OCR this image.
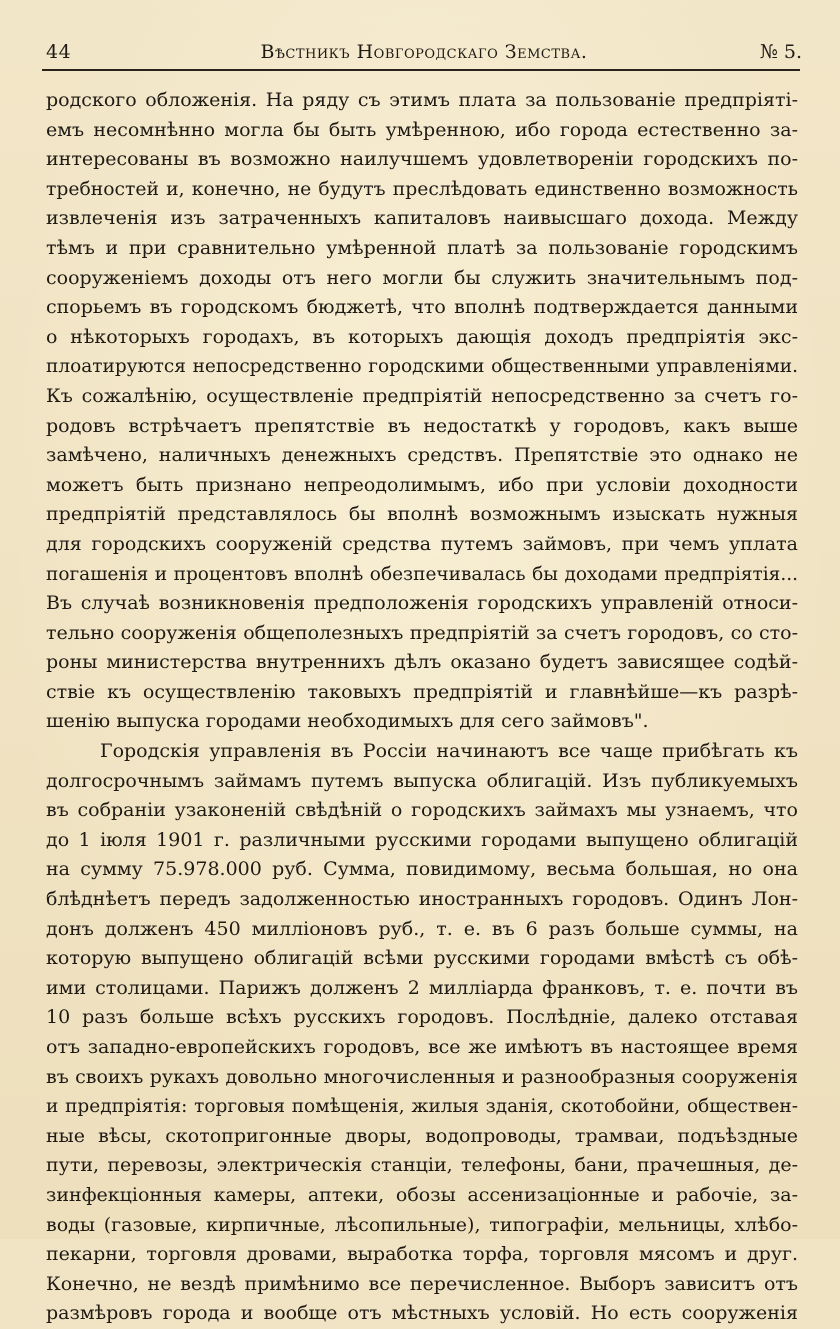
44	Вѣстникъ Новгородскаго Земства.	№ 5.
родского обложенія. На ряду съ этимъ плата за пользованіе предпріяті-
емъ несомнѣнно могла бы быть умѣренною, ибо города естественно за-
интересованы въ возможно наилучшемъ удовлетвореніи городскихъ по-
требностей и, конечно, не будутъ преслѣдовать единственно возможность
извлеченія изъ затраченныхъ капиталовъ наивысшаго дохода. Между
тѣмъ и при сравнительно умѣренной платѣ за пользованіе городскимъ
сооруженіемъ доходы отъ него могли бы служить значительнымъ под-
спорьемъ въ городскомъ бюджетѣ, что вполнѣ подтверждается данными
о нѣкоторыхъ городахъ, въ которыхъ дающія доходъ предпріятія экс-
плоатируются непосредственно городскими общественными управленіями.
Къ сожалѣнію, осуществленіе предпріятій непосредственно за счетъ го-
родовъ встрѣчаетъ препятствіе въ недостаткѣ у городовъ, какъ выше
замѣчено, наличныхъ денежныхъ средствъ. Препятствіе это однако не
можетъ быть признано непреодолимымъ, ибо при условіи доходности
предпріятій представлялось бы вполнѣ возможнымъ изыскать нужныя
для городскихъ сооруженій средства путемъ займовъ, при чемъ уплата
погашенія и процентовъ вполнѣ обезпечивалась бы доходами предпріятія...
Въ случаѣ возникновенія предположенія городскихъ управленій относи-
тельно сооруженія общеполезныхъ предпріятій за счетъ городовъ, со сто-
роны министерства внутреннихъ дѣлъ оказано будетъ зависящее содѣй-
ствіе къ осуществленію таковыхъ предпріятій и главнѣйше—къ разрѣ-
шенію выпуска городами необходимыхъ для сего займовъ".
Городскія управленія въ Россіи начинаютъ все чаще прибѣгать къ
долгосрочнымъ займамъ путемъ выпуска облигацій. Изъ публикуемыхъ
въ собраніи узаконеній свѣдѣній о городскихъ займахъ мы узнаемъ, что
до 1 іюля 1901 г. различными русскими городами выпущено облигацій
на сумму 75.978.000 руб. Сумма, повидимому, весьма большая, но она
блѣднѣетъ передъ задолженностью иностранныхъ городовъ. Одинъ Лон-
донъ долженъ 450 милліоновъ руб., т. е. въ 6 разъ больше суммы, на
которую выпущено облигацій всѣми русскими городами вмѣстѣ съ обѣ-
ими столицами. Парижъ долженъ 2 милліарда франковъ, т. е. почти въ
10 разъ больше всѣхъ русскихъ городовъ. Послѣдніе, далеко отставая
отъ западно-европейскихъ городовъ, все же имѣютъ въ настоящее время
въ своихъ рукахъ довольно многочисленныя и разнообразныя сооруженія
и предпріятія: торговыя помѣщенія, жилыя зданія, скотобойни, обществен-
ные вѣсы, скотопригонные дворы, водопроводы, трамваи, подъѣздные
пути, перевозы, электрическія станціи, телефоны, бани, прачешныя, де-
зинфекціонныя камеры, аптеки, обозы ассенизаціонные и рабочіе, за-
воды (газовые, кирпичные, лѣсопильные), типографіи, мельницы, хлѣбо-
пекарни, торговля дровами, выработка торфа, торговля мясомъ и друг.
Конечно, не вездѣ примѣнимо все перечисленное. Выборъ зависитъ отъ
размѣровъ города и вообще отъ мѣстныхъ условій. Но есть сооруженія
